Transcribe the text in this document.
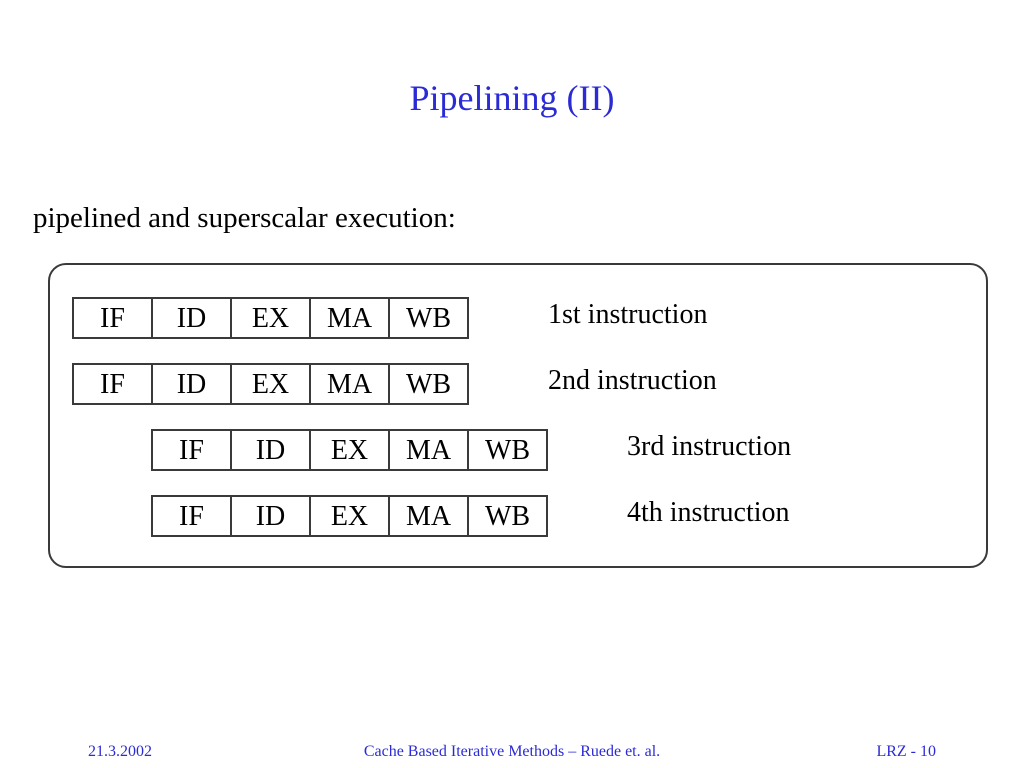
Pipelining (II)
pipelined and superscalar execution:
IF	ID	EX	MA	WB	1st instruction
IF	ID	EX	MA	WB	2nd instruction
IF	ID	EX	MA	WB	3rd instruction
IF	ID	EX	MA	WB	4th instruction
21.3.2002	Cache Based Iterative Methods – Ruede et. al.	LRZ - 10
